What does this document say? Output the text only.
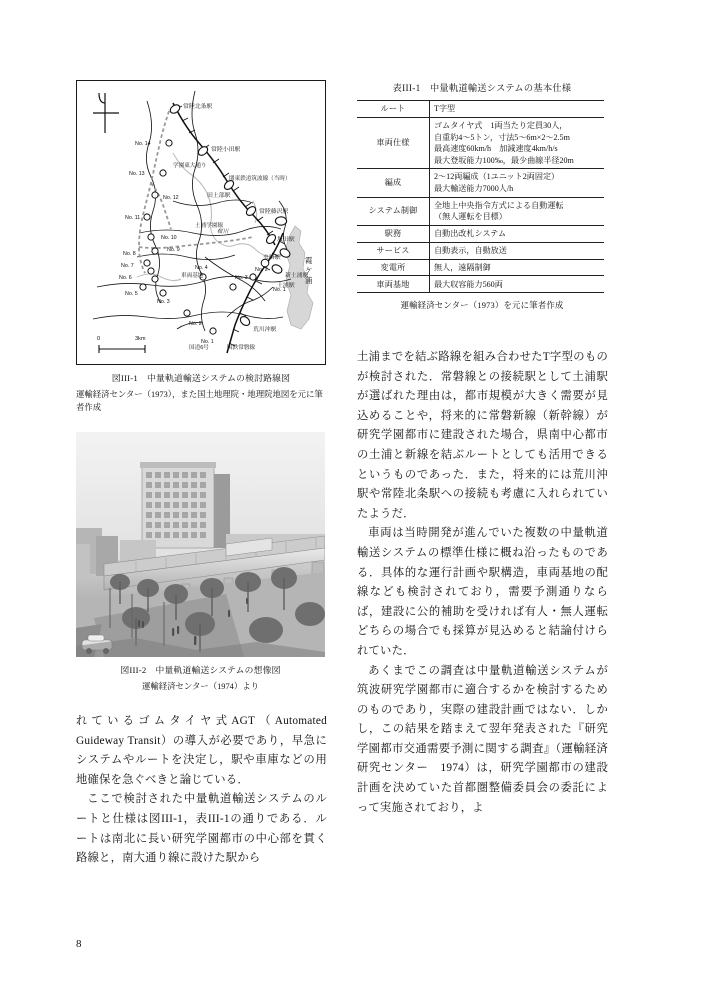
0	3km
常陸北条駅
常陸小田駅
田土部駅
常陸藤沢駅
坂田駅
虫掛駅
新土浦駅
土浦駅
荒川沖駅
関東鉄道筑波線（当時）
学園東大通り
土浦学園線
桜川
国道6号	国鉄常磐線
車両基地
霞
ケ
浦
No. 14
No. 13
No. 12
No. 11
No. 10
No. 9
No. 8
No. 7
No. 6
No. 5
No. 4
No. 3
No. 3
No. 2
No. 2
No. 1
No. 1
図III-1　中量軌道輸送システムの検討路線図
運輸経済センター（1973），また国土地理院・地理院地図を元に筆者作成
図III-2　中量軌道輸送システムの想像図
運輸経済センター（1974）より

れているゴムタイヤ式AGT（Automated Guideway Transit）の導入が必要であり，早急にシステムやルートを決定し，駅や車庫などの用地確保を急ぐべきと論じている．

ここで検討された中量軌道輸送システムのルートと仕様は図III-1，表III-1の通りである．ルートは南北に長い研究学園都市の中心部を貫く路線と，南大通り線に設けた駅から

表III-1　中量軌道輸送システムの基本仕様
ルート	T字型

車両仕様	ゴムタイヤ式　1両当たり定員30人，
自重約4〜5トン，寸法5〜6m×2〜2.5m
最高速度60km/h　加減速度4km/h/s
最大登坂能力100‰，最少曲線半径20m

編成	2〜12両編成（1ユニット2両固定）
最大輸送能力7000人/h

システム制御	全地上中央指令方式による自動運転
（無人運転を目標）

駅務	自動出改札システム

サービス	自動表示，自動放送

変電所	無人，遠隔制御

車両基地	最大収容能力560両
運輸経済センター（1973）を元に筆者作成

土浦までを結ぶ路線を組み合わせたT字型のものが検討された．常磐線との接続駅として土浦駅が選ばれた理由は，都市規模が大きく需要が見込めることや，将来的に常磐新線（新幹線）が研究学園都市に建設された場合，県南中心都市の土浦と新線を結ぶルートとしても活用できるというものであった．また，将来的には荒川沖駅や常陸北条駅への接続も考慮に入れられていたようだ．

車両は当時開発が進んでいた複数の中量軌道輸送システムの標準仕様に概ね沿ったものである．具体的な運行計画や駅構造，車両基地の配線なども検討されており，需要予測通りならば，建設に公的補助を受ければ有人・無人運転どちらの場合でも採算が見込めると結論付けられていた．

あくまでこの調査は中量軌道輸送システムが筑波研究学園都市に適合するかを検討するためのものであり，実際の建設計画ではない．しかし，この結果を踏まえて翌年発表された『研究学園都市交通需要予測に関する調査』（運輸経済研究センター　1974）は，研究学園都市の建設計画を決めていた首都圏整備委員会の委託によって実施されており，よ

8
